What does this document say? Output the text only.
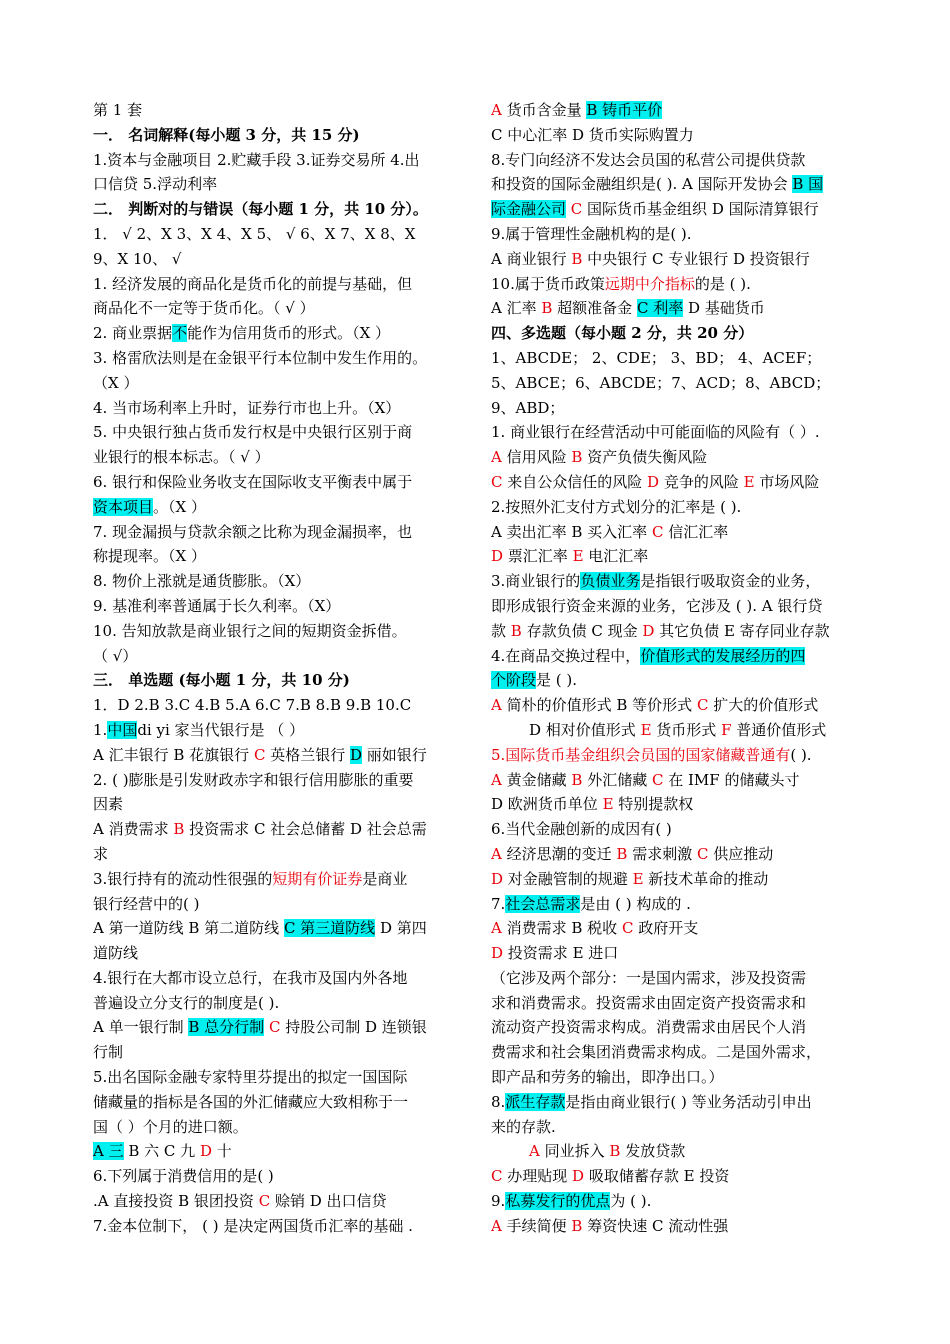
第 1 套
一． 名词解释(每小题 3 分，共 15 分)
1.资本与金融项目 2.贮藏手段 3.证券交易所 4.出
口信贷 5.浮动利率
二． 判断对的与错误（每小题 1 分，共 10 分）。
1． √ 2、X 3、X 4、X 5、 √ 6、X 7、X 8、X
9、X 10、 √
1. 经济发展的商品化是货币化的前提与基础，但
商品化不一定等于货币化。（ √ ）
2. 商业票据不能作为信用货币的形式。（X ）
3. 格雷欣法则是在金银平行本位制中发生作用的。
（X ）
4. 当市场利率上升时，证券行市也上升。（X）
5. 中央银行独占货币发行权是中央银行区别于商
业银行的根本标志。（ √ ）
6. 银行和保险业务收支在国际收支平衡表中属于
资本项目。（X ）
7. 现金漏损与贷款余额之比称为现金漏损率，也
称提现率。（X ）
8. 物价上涨就是通货膨胀。（X）
9. 基准利率普通属于长久利率。（X）
10. 告知放款是商业银行之间的短期资金拆借。
（ √）
三． 单选题 (每小题 1 分，共 10 分)
1．D 2.B 3.C 4.B 5.A 6.C 7.B 8.B 9.B 10.C
1.中国di yi 家当代银行是 （ ）
A 汇丰银行 B 花旗银行 C 英格兰银行 D 丽如银行
2. ( )膨胀是引发财政赤字和银行信用膨胀的重要
因素
A 消费需求 B 投资需求 C 社会总储蓄 D 社会总需
求
3.银行持有的流动性很强的短期有价证券是商业
银行经营中的( )
A 第一道防线 B 第二道防线 C 第三道防线 D 第四
道防线
4.银行在大都市设立总行，在我市及国内外各地
普遍设立分支行的制度是( ).
A 单一银行制 B 总分行制 C 持股公司制 D 连锁银
行制
5.出名国际金融专家特里芬提出的拟定一国国际
储藏量的指标是各国的外汇储藏应大致相称于一
国（ ）个月的进口额。
A 三 B 六 C 九 D 十
6.下列属于消费信用的是( )
.A 直接投资 B 银团投资 C 赊销 D 出口信贷
7.金本位制下， ( ) 是决定两国货币汇率的基础 .
A 货币含金量 B 铸币平价
C 中心汇率 D 货币实际购置力
8.专门向经济不发达会员国的私营公司提供贷款
和投资的国际金融组织是( ). A 国际开发协会 B 国
际金融公司 C 国际货币基金组织 D 国际清算银行
9.属于管理性金融机构的是( ).
A 商业银行 B 中央银行 C 专业银行 D 投资银行
10.属于货币政策远期中介指标的是 ( ).
A 汇率 B 超额准备金 C 利率 D 基础货币
四、多选题（每小题 2 分，共 20 分）
1、ABCDE； 2、CDE； 3、BD； 4、ACEF；
5、ABCE；6、ABCDE；7、ACD；8、ABCD；
9、ABD；
1. 商业银行在经营活动中可能面临的风险有（ ）.
A 信用风险 B 资产负债失衡风险
C 来自公众信任的风险 D 竞争的风险 E 市场风险
2.按照外汇支付方式划分的汇率是 ( ).
A 卖出汇率 B 买入汇率 C 信汇汇率
D 票汇汇率 E 电汇汇率
3.商业银行的负债业务是指银行吸取资金的业务，
即形成银行资金来源的业务，它涉及 ( ). A 银行贷
款 B 存款负债 C 现金 D 其它负债 E 寄存同业存款
4.在商品交换过程中，价值形式的发展经历的四
个阶段是 ( ).
A 简朴的价值形式 B 等价形式 C 扩大的价值形式
D 相对价值形式 E 货币形式 F 普通价值形式
5.国际货币基金组织会员国的国家储藏普通有( ).
A 黄金储藏 B 外汇储藏 C 在 IMF 的储藏头寸
D 欧洲货币单位 E 特别提款权
6.当代金融创新的成因有( )
A 经济思潮的变迁 B 需求刺激 C 供应推动
D 对金融管制的规避 E 新技术革命的推动
7.社会总需求是由 ( ) 构成的 .
A 消费需求 B 税收 C 政府开支
D 投资需求 E 进口
（它涉及两个部分：一是国内需求，涉及投资需
求和消费需求。投资需求由固定资产投资需求和
流动资产投资需求构成。消费需求由居民个人消
费需求和社会集团消费需求构成。二是国外需求，
即产品和劳务的输出，即净出口。）
8.派生存款是指由商业银行( ) 等业务活动引申出
来的存款.
A 同业拆入 B 发放贷款
C 办理贴现 D 吸取储蓄存款 E 投资
9.私募发行的优点为 ( ).
A 手续简便 B 筹资快速 C 流动性强
